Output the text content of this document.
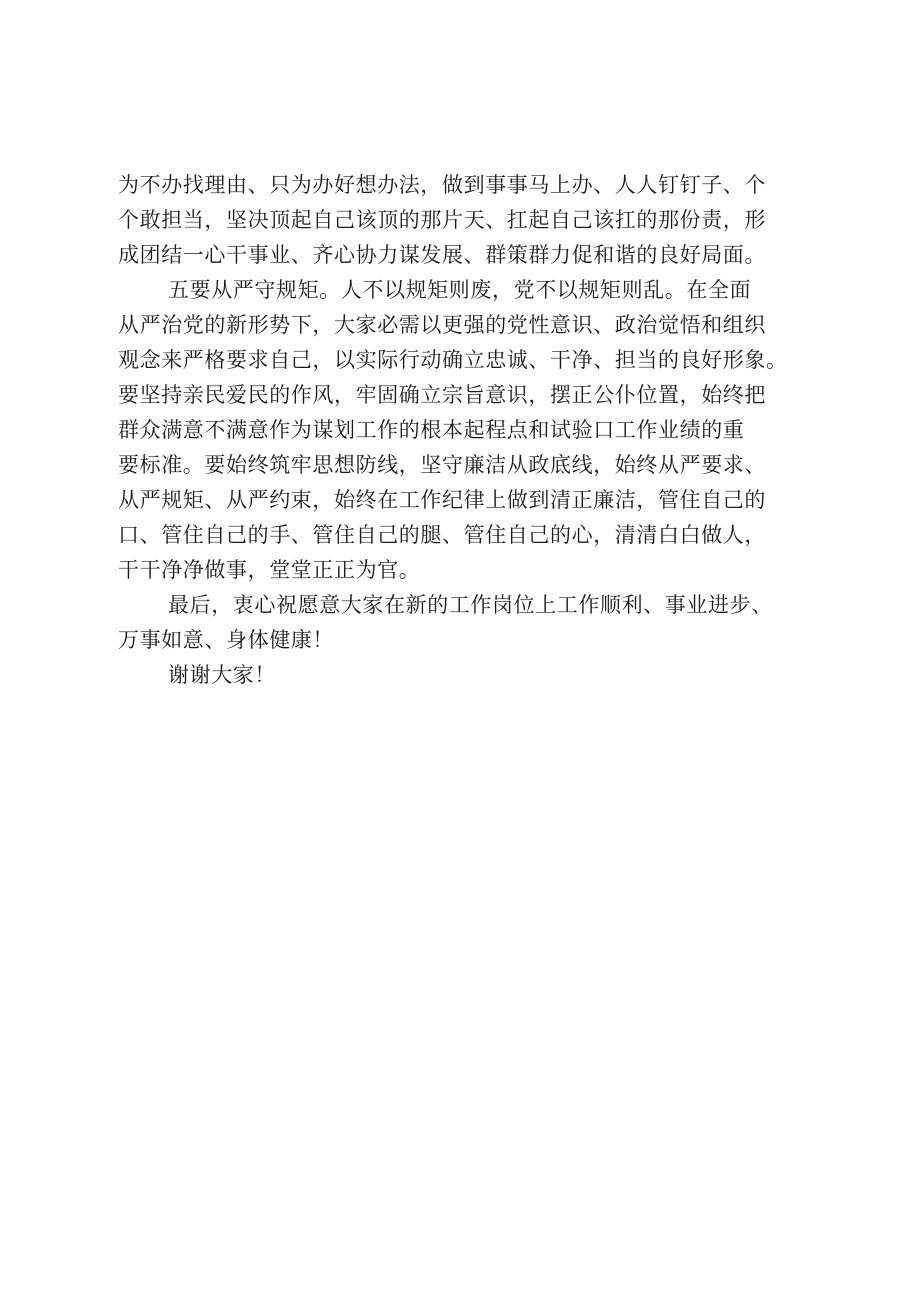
为不办找理由、只为办好想办法，做到事事马上办、人人钉钉子、个
个敢担当，坚决顶起自己该顶的那片天、扛起自己该扛的那份责，形
成团结一心干事业、齐心协力谋发展、群策群力促和谐的良好局面。
五要从严守规矩。人不以规矩则废，党不以规矩则乱。在全面
从严治党的新形势下，大家必需以更强的党性意识、政治觉悟和组织
观念来严格要求自己，以实际行动确立忠诚、干净、担当的良好形象。
要坚持亲民爱民的作风，牢固确立宗旨意识，摆正公仆位置，始终把
群众满意不满意作为谋划工作的根本起程点和试验口工作业绩的重
要标准。要始终筑牢思想防线，坚守廉洁从政底线，始终从严要求、
从严规矩、从严约束，始终在工作纪律上做到清正廉洁，管住自己的
口、管住自己的手、管住自己的腿、管住自己的心，清清白白做人，
干干净净做事，堂堂正正为官。
最后，衷心祝愿意大家在新的工作岗位上工作顺利、事业进步、
万事如意、身体健康！
谢谢大家！
